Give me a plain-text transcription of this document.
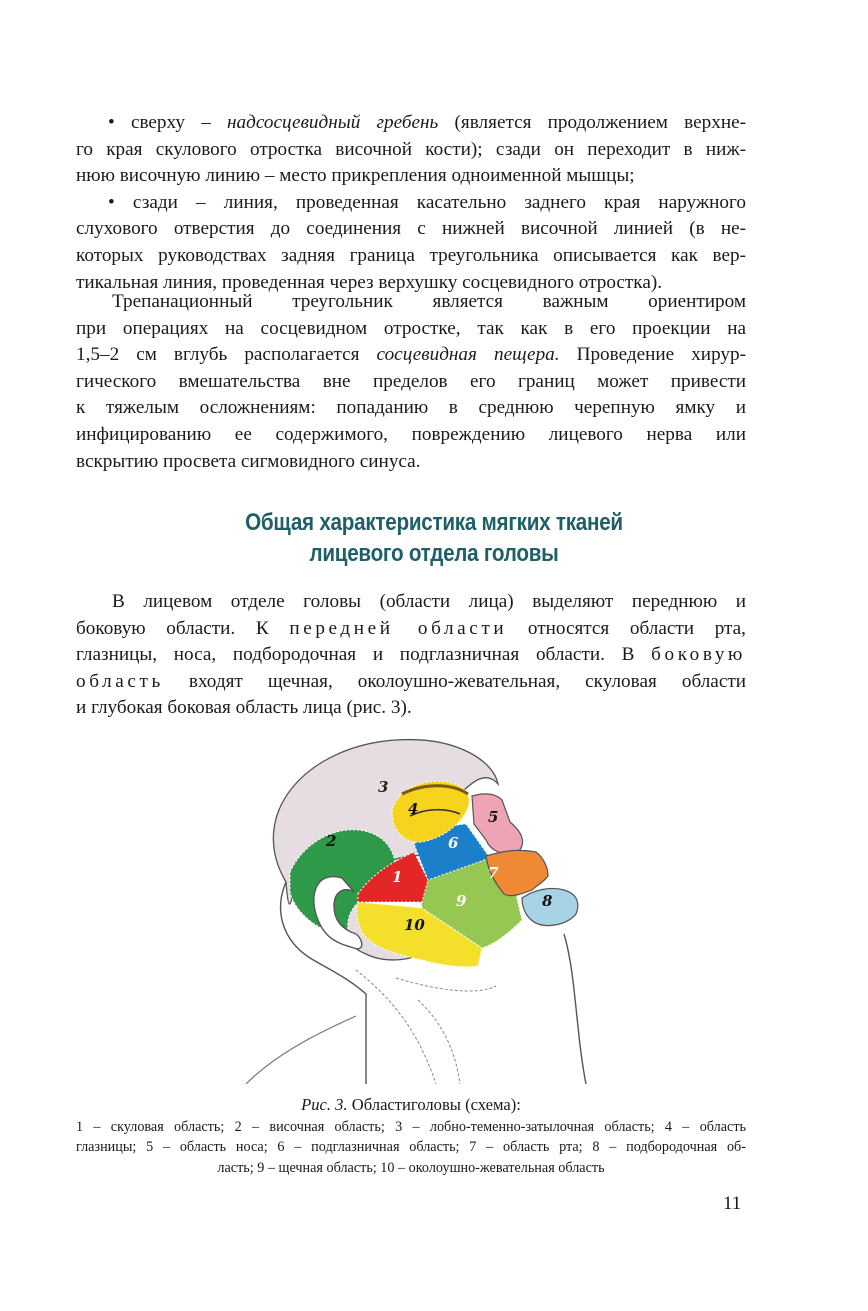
• сверху – надсосцевидный гребень (является продолжением верхне-
го края скулового отростка височной кости); сзади он переходит в ниж-
нюю височную линию – место прикрепления одноименной мышцы;
• сзади – линия, проведенная касательно заднего края наружного
слухового отверстия до соединения с нижней височной линией (в не-
которых руководствах задняя граница треугольника описывается как вер-
тикальная линия, проведенная через верхушку сосцевидного отростка).
Трепанационный треугольник является важным ориентиром
при операциях на сосцевидном отростке, так как в его проекции на
1,5–2 см вглубь располагается сосцевидная пещера. Проведение хирур-
гического вмешательства вне пределов его границ может привести
к тяжелым осложнениям: попаданию в среднюю черепную ямку и
инфицированию ее содержимого, повреждению лицевого нерва или
вскрытию просвета сигмовидного синуса.
Общая характеристика мягких тканей
лицевого отдела головы
В лицевом отделе головы (области лица) выделяют переднюю и
боковую области. К передней области относятся области рта,
глазницы, носа, подбородочная и подглазничная области. В боковую
область входят щечная, околоушно-жевательная, скуловая области
и глубокая боковая область лица (рис. 3).
3
2
4	5
6
1	7
9	8
10
Рис. 3. Областиголовы (схема):
1 – скуловая область; 2 – височная область; 3 – лобно-теменно-затылочная область; 4 – область
глазницы; 5 – область носа; 6 – подглазничная область; 7 – область рта; 8 – подбородочная об-
ласть; 9 – щечная область; 10 – околоушно-жевательная область
11
